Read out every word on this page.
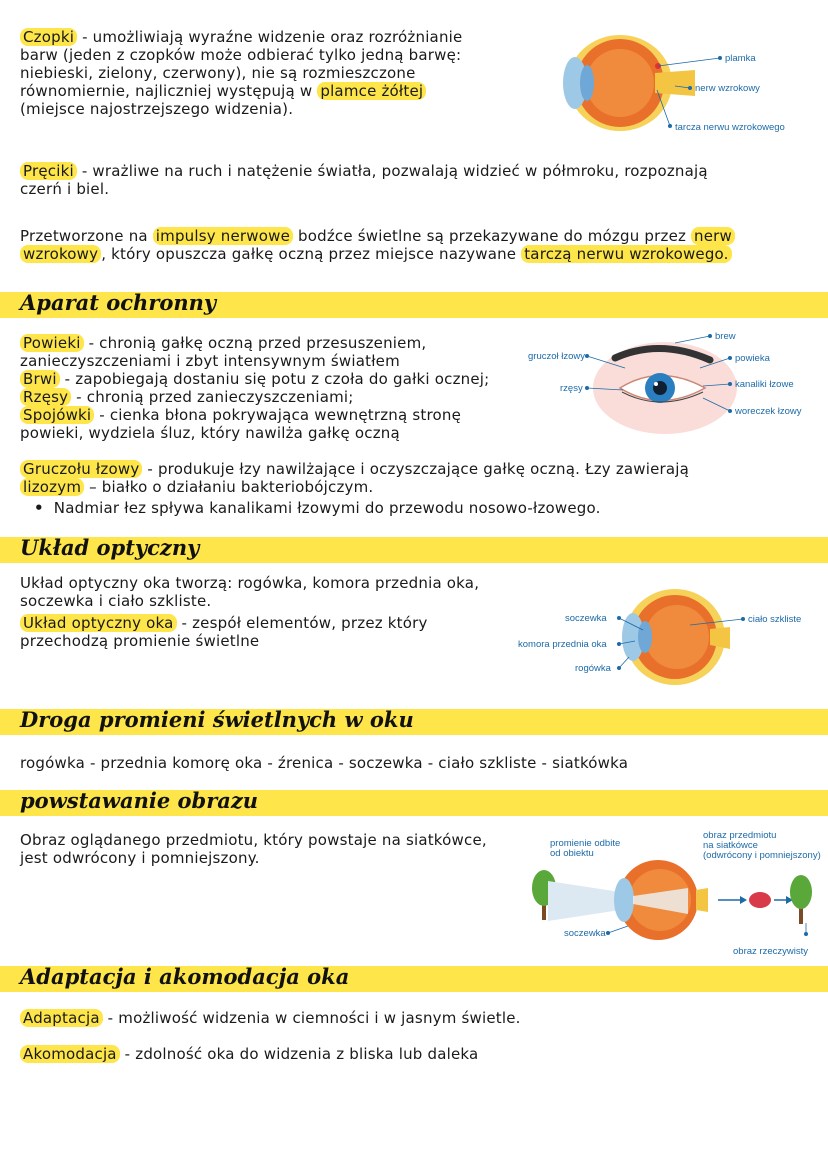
Czopki - umożliwiają wyraźne widzenie oraz rozróżnianie
barw (jeden z czopków może odbierać tylko jedną barwę:
niebieski, zielony, czerwony), nie są rozmieszczone
równomiernie, najliczniej występują w plamce żółtej
(miejsce najostrzejszego widzenia).
plamka
nerw wzrokowy
tarcza nerwu wzrokowego
Pręciki - wrażliwe na ruch i natężenie światła, pozwalają widzieć w półmroku, rozpoznają
czerń i biel.
Przetworzone na impulsy nerwowe bodźce świetlne są przekazywane do mózgu przez nerw
wzrokowy , który opuszcza gałkę oczną przez miejsce nazywane tarczą nerwu wzrokowego.
Aparat ochronny
Powieki - chronią gałkę oczną przed przesuszeniem,
zanieczyszczeniami i zbyt intensywnym światłem
Brwi - zapobiegają dostaniu się potu z czoła do gałki ocznej;
Rzęsy - chronią przed zanieczyszczeniami;
Spojówki - cienka błona pokrywająca wewnętrzną stronę
powieki, wydziela śluz, który nawilża gałkę oczną
Gruczołu łzowy - produkuje łzy nawilżające i oczyszczające gałkę oczną. Łzy zawierają
lizozym – białko o działaniu bakteriobójczym.
• Nadmiar łez spływa kanalikami łzowymi do przewodu nosowo-łzowego.
brew
gruczoł łzowy	powieka
rzęsy	kanaliki łzowe
woreczek łzowy
Układ optyczny
Układ optyczny oka tworzą: rogówka, komora przednia oka,
soczewka i ciało szkliste.
Układ optyczny oka - zespół elementów, przez który
przechodzą promienie świetlne
soczewka	ciało szkliste
komora przednia oka
rogówka
Droga promieni świetlnych w oku
rogówka - przednia komorę oka - źrenica - soczewka - ciało szkliste - siatkówka
powstawanie obrazu
Obraz oglądanego przedmiotu, który powstaje na siatkówce,
jest odwrócony i pomniejszony.
promienie odbite
od obiektu
obraz przedmiotu
na siatkówce
(odwrócony i pomniejszony)
obraz rzeczywisty
soczewka
Adaptacja i akomodacja oka
Adaptacja - możliwość widzenia w ciemności i w jasnym świetle.
Akomodacja - zdolność oka do widzenia z bliska lub daleka
